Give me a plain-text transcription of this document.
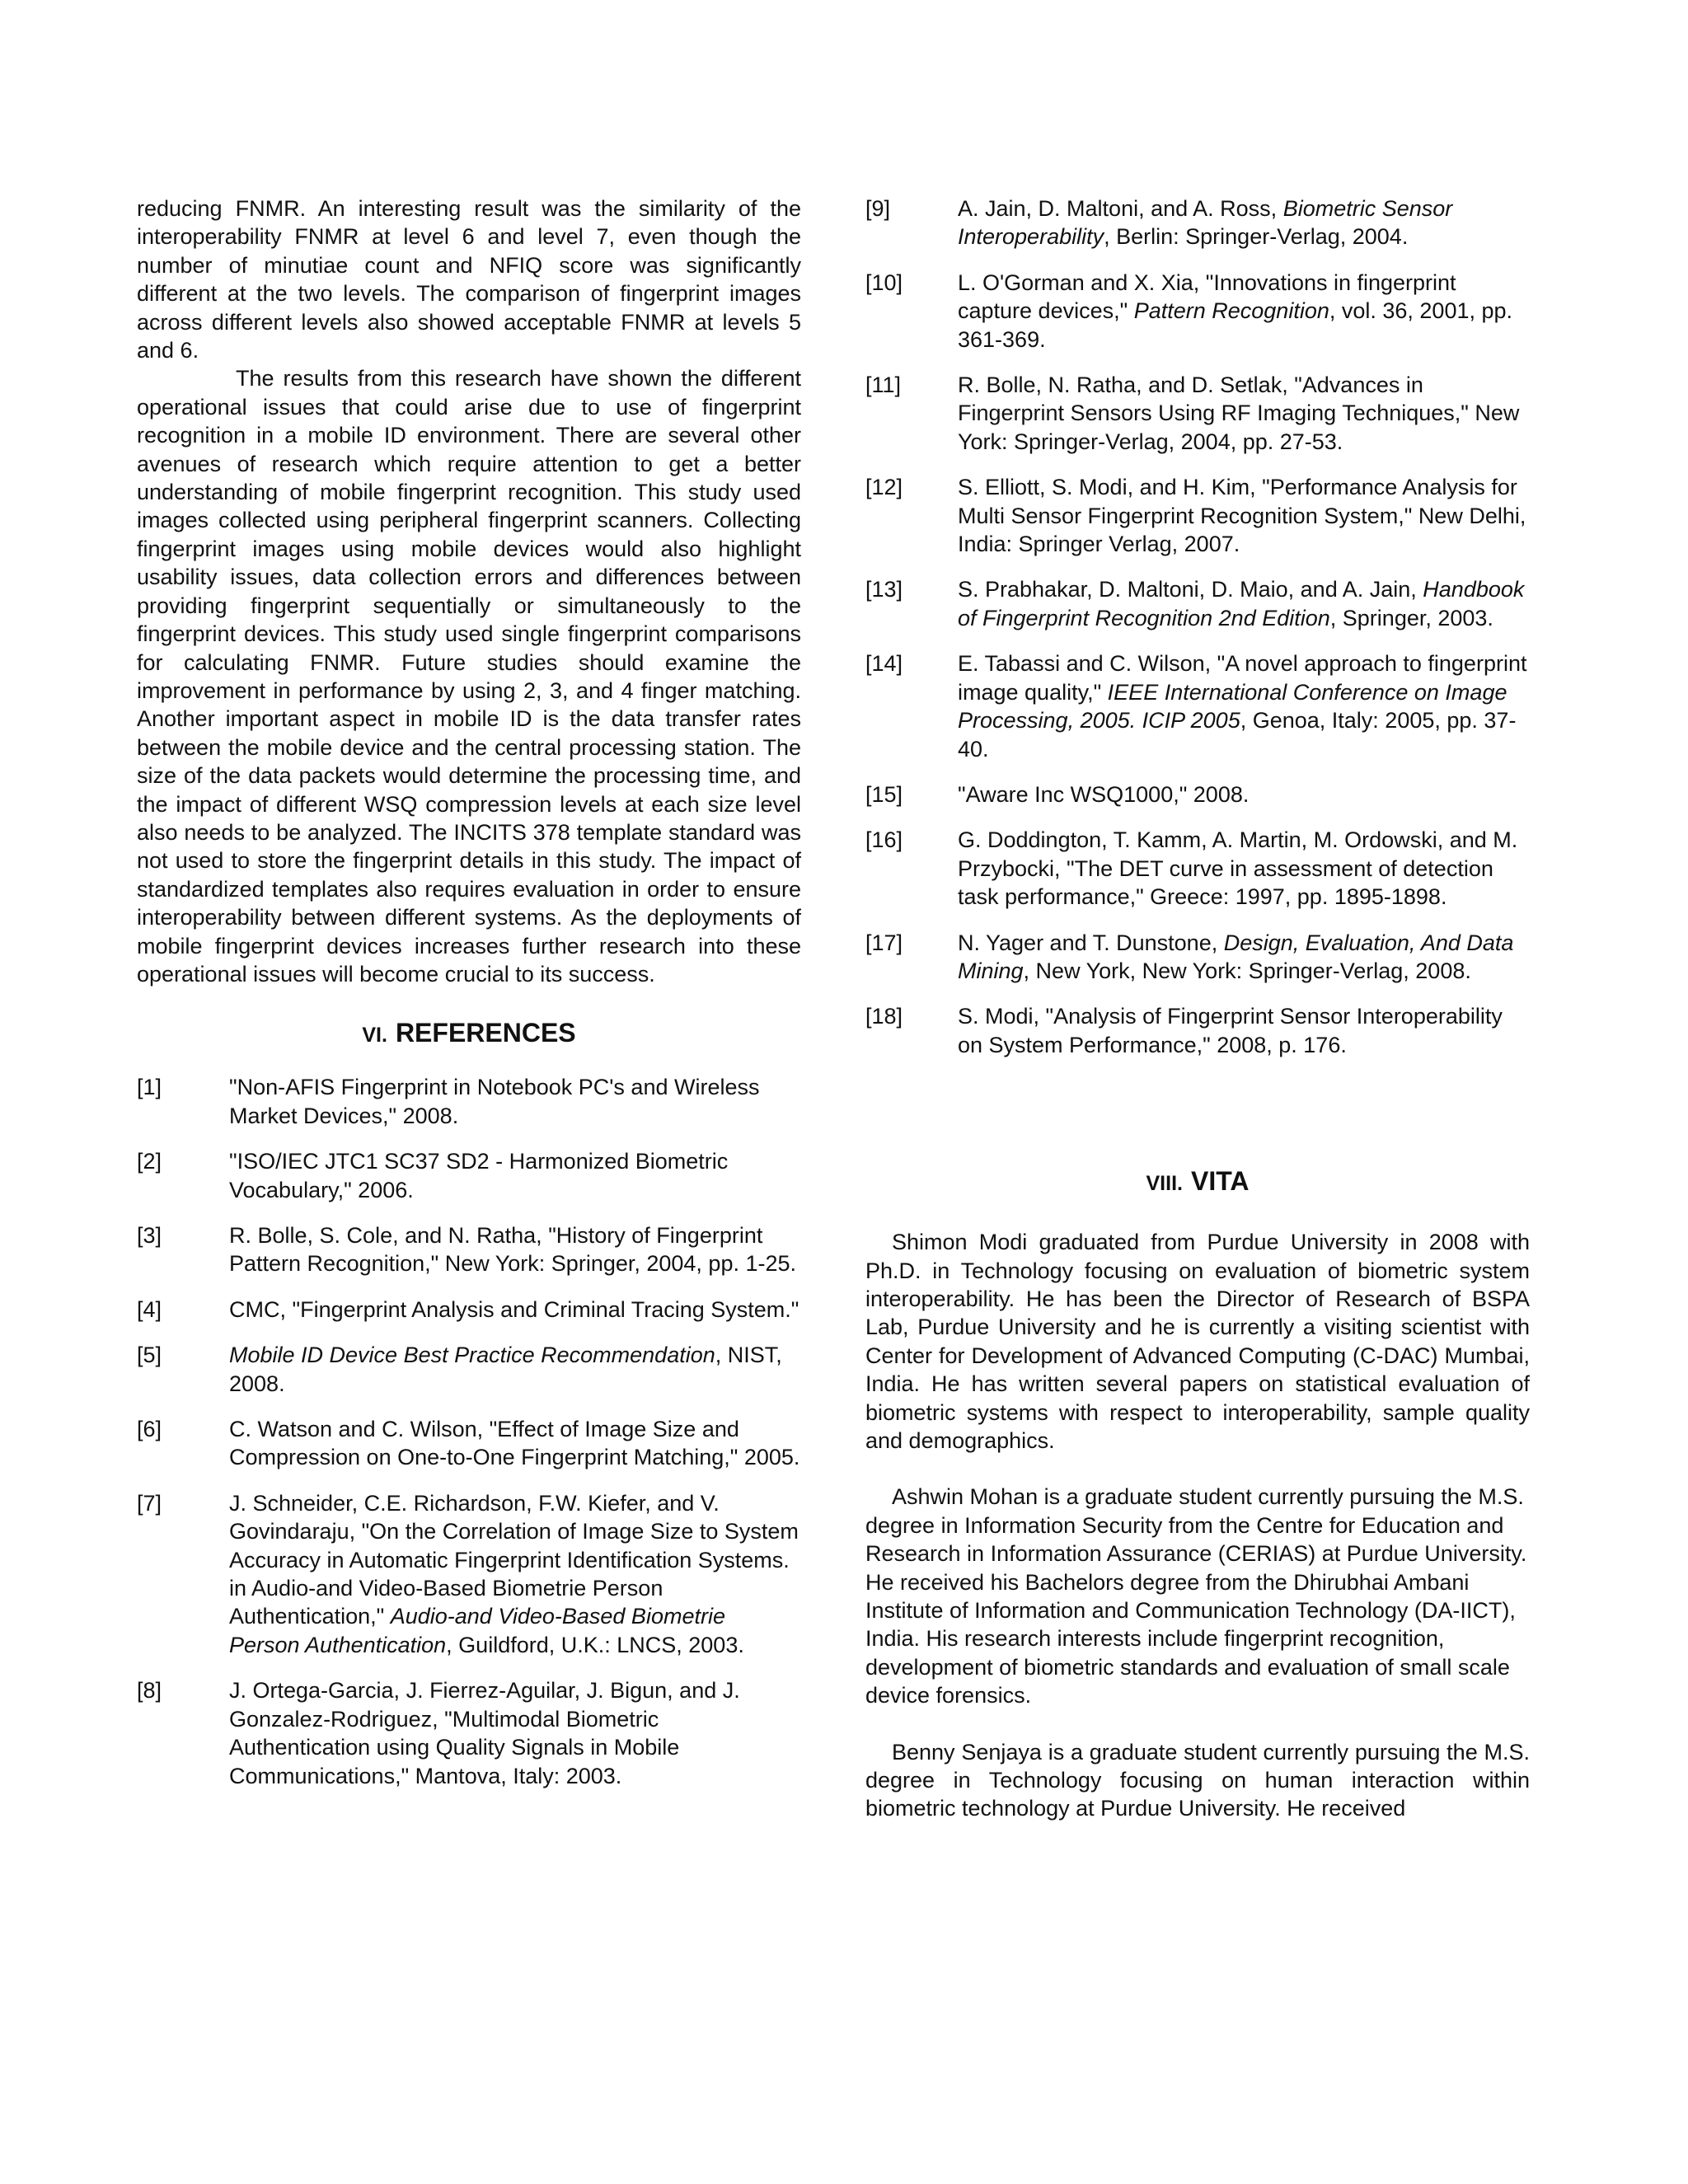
reducing FNMR. An interesting result was the similarity of the interoperability FNMR at level 6 and level 7, even though the number of minutiae count and NFIQ score was significantly different at the two levels. The comparison of fingerprint images across different levels also showed acceptable FNMR at levels 5 and 6.

The results from this research have shown the different operational issues that could arise due to use of fingerprint recognition in a mobile ID environment. There are several other avenues of research which require attention to get a better understanding of mobile fingerprint recognition. This study used images collected using peripheral fingerprint scanners. Collecting fingerprint images using mobile devices would also highlight usability issues, data collection errors and differences between providing fingerprint sequentially or simultaneously to the fingerprint devices. This study used single fingerprint comparisons for calculating FNMR. Future studies should examine the improvement in performance by using 2, 3, and 4 finger matching. Another important aspect in mobile ID is the data transfer rates between the mobile device and the central processing station. The size of the data packets would determine the processing time, and the impact of different WSQ compression levels at each size level also needs to be analyzed. The INCITS 378 template standard was not used to store the fingerprint details in this study. The impact of standardized templates also requires evaluation in order to ensure interoperability between different systems. As the deployments of mobile fingerprint devices increases further research into these operational issues will become crucial to its success.

VI. REFERENCES
[1]	"Non-AFIS Fingerprint in Notebook PC's and Wireless Market Devices," 2008.
[2]	"ISO/IEC JTC1 SC37 SD2 - Harmonized Biometric Vocabulary," 2006.
[3]	R. Bolle, S. Cole, and N. Ratha, "History of Fingerprint Pattern Recognition," New York: Springer, 2004, pp. 1-25.
[4]	CMC, "Fingerprint Analysis and Criminal Tracing System."
[5]	Mobile ID Device Best Practice Recommendation, NIST, 2008.
[6]	C. Watson and C. Wilson, "Effect of Image Size and Compression on One-to-One Fingerprint Matching," 2005.
[7]	J. Schneider, C.E. Richardson, F.W. Kiefer, and V. Govindaraju, "On the Correlation of Image Size to System Accuracy in Automatic Fingerprint Identification Systems. in Audio-and Video-Based Biometrie Person Authentication," Audio-and Video-Based Biometrie Person Authentication, Guildford, U.K.: LNCS, 2003.
[8]	J. Ortega-Garcia, J. Fierrez-Aguilar, J. Bigun, and J. Gonzalez-Rodriguez, "Multimodal Biometric Authentication using Quality Signals in Mobile Communications," Mantova, Italy: 2003.
[9]	A. Jain, D. Maltoni, and A. Ross, Biometric Sensor Interoperability, Berlin: Springer-Verlag, 2004.
[10]	L. O'Gorman and X. Xia, "Innovations in fingerprint capture devices," Pattern Recognition, vol. 36, 2001, pp. 361-369.
[11]	R. Bolle, N. Ratha, and D. Setlak, "Advances in Fingerprint Sensors Using RF Imaging Techniques," New York: Springer-Verlag, 2004, pp. 27-53.
[12]	S. Elliott, S. Modi, and H. Kim, "Performance Analysis for Multi Sensor Fingerprint Recognition System," New Delhi, India: Springer Verlag, 2007.
[13]	S. Prabhakar, D. Maltoni, D. Maio, and A. Jain, Handbook of Fingerprint Recognition 2nd Edition, Springer, 2003.
[14]	E. Tabassi and C. Wilson, "A novel approach to fingerprint image quality," IEEE International Conference on Image Processing, 2005. ICIP 2005, Genoa, Italy: 2005, pp. 37-40.
[15]	"Aware Inc WSQ1000," 2008.
[16]	G. Doddington, T. Kamm, A. Martin, M. Ordowski, and M. Przybocki, "The DET curve in assessment of detection task performance," Greece: 1997, pp. 1895-1898.
[17]	N. Yager and T. Dunstone, Design, Evaluation, And Data Mining, New York, New York: Springer-Verlag, 2008.
[18]	S. Modi, "Analysis of Fingerprint Sensor Interoperability on System Performance," 2008, p. 176.
VIII. VITA

Shimon Modi graduated from Purdue University in 2008 with Ph.D. in Technology focusing on evaluation of biometric system interoperability. He has been the Director of Research of BSPA Lab, Purdue University and he is currently a visiting scientist with Center for Development of Advanced Computing (C-DAC) Mumbai, India. He has written several papers on statistical evaluation of biometric systems with respect to interoperability, sample quality and demographics.

Ashwin Mohan is a graduate student currently pursuing the M.S. degree in Information Security from the Centre for Education and Research in Information Assurance (CERIAS) at Purdue University. He received his Bachelors degree from the Dhirubhai Ambani Institute of Information and Communication Technology (DA-IICT), India. His research interests include fingerprint recognition, development of biometric standards and evaluation of small scale device forensics.

Benny Senjaya is a graduate student currently pursuing the M.S. degree in Technology focusing on human interaction within biometric technology at Purdue University. He received
